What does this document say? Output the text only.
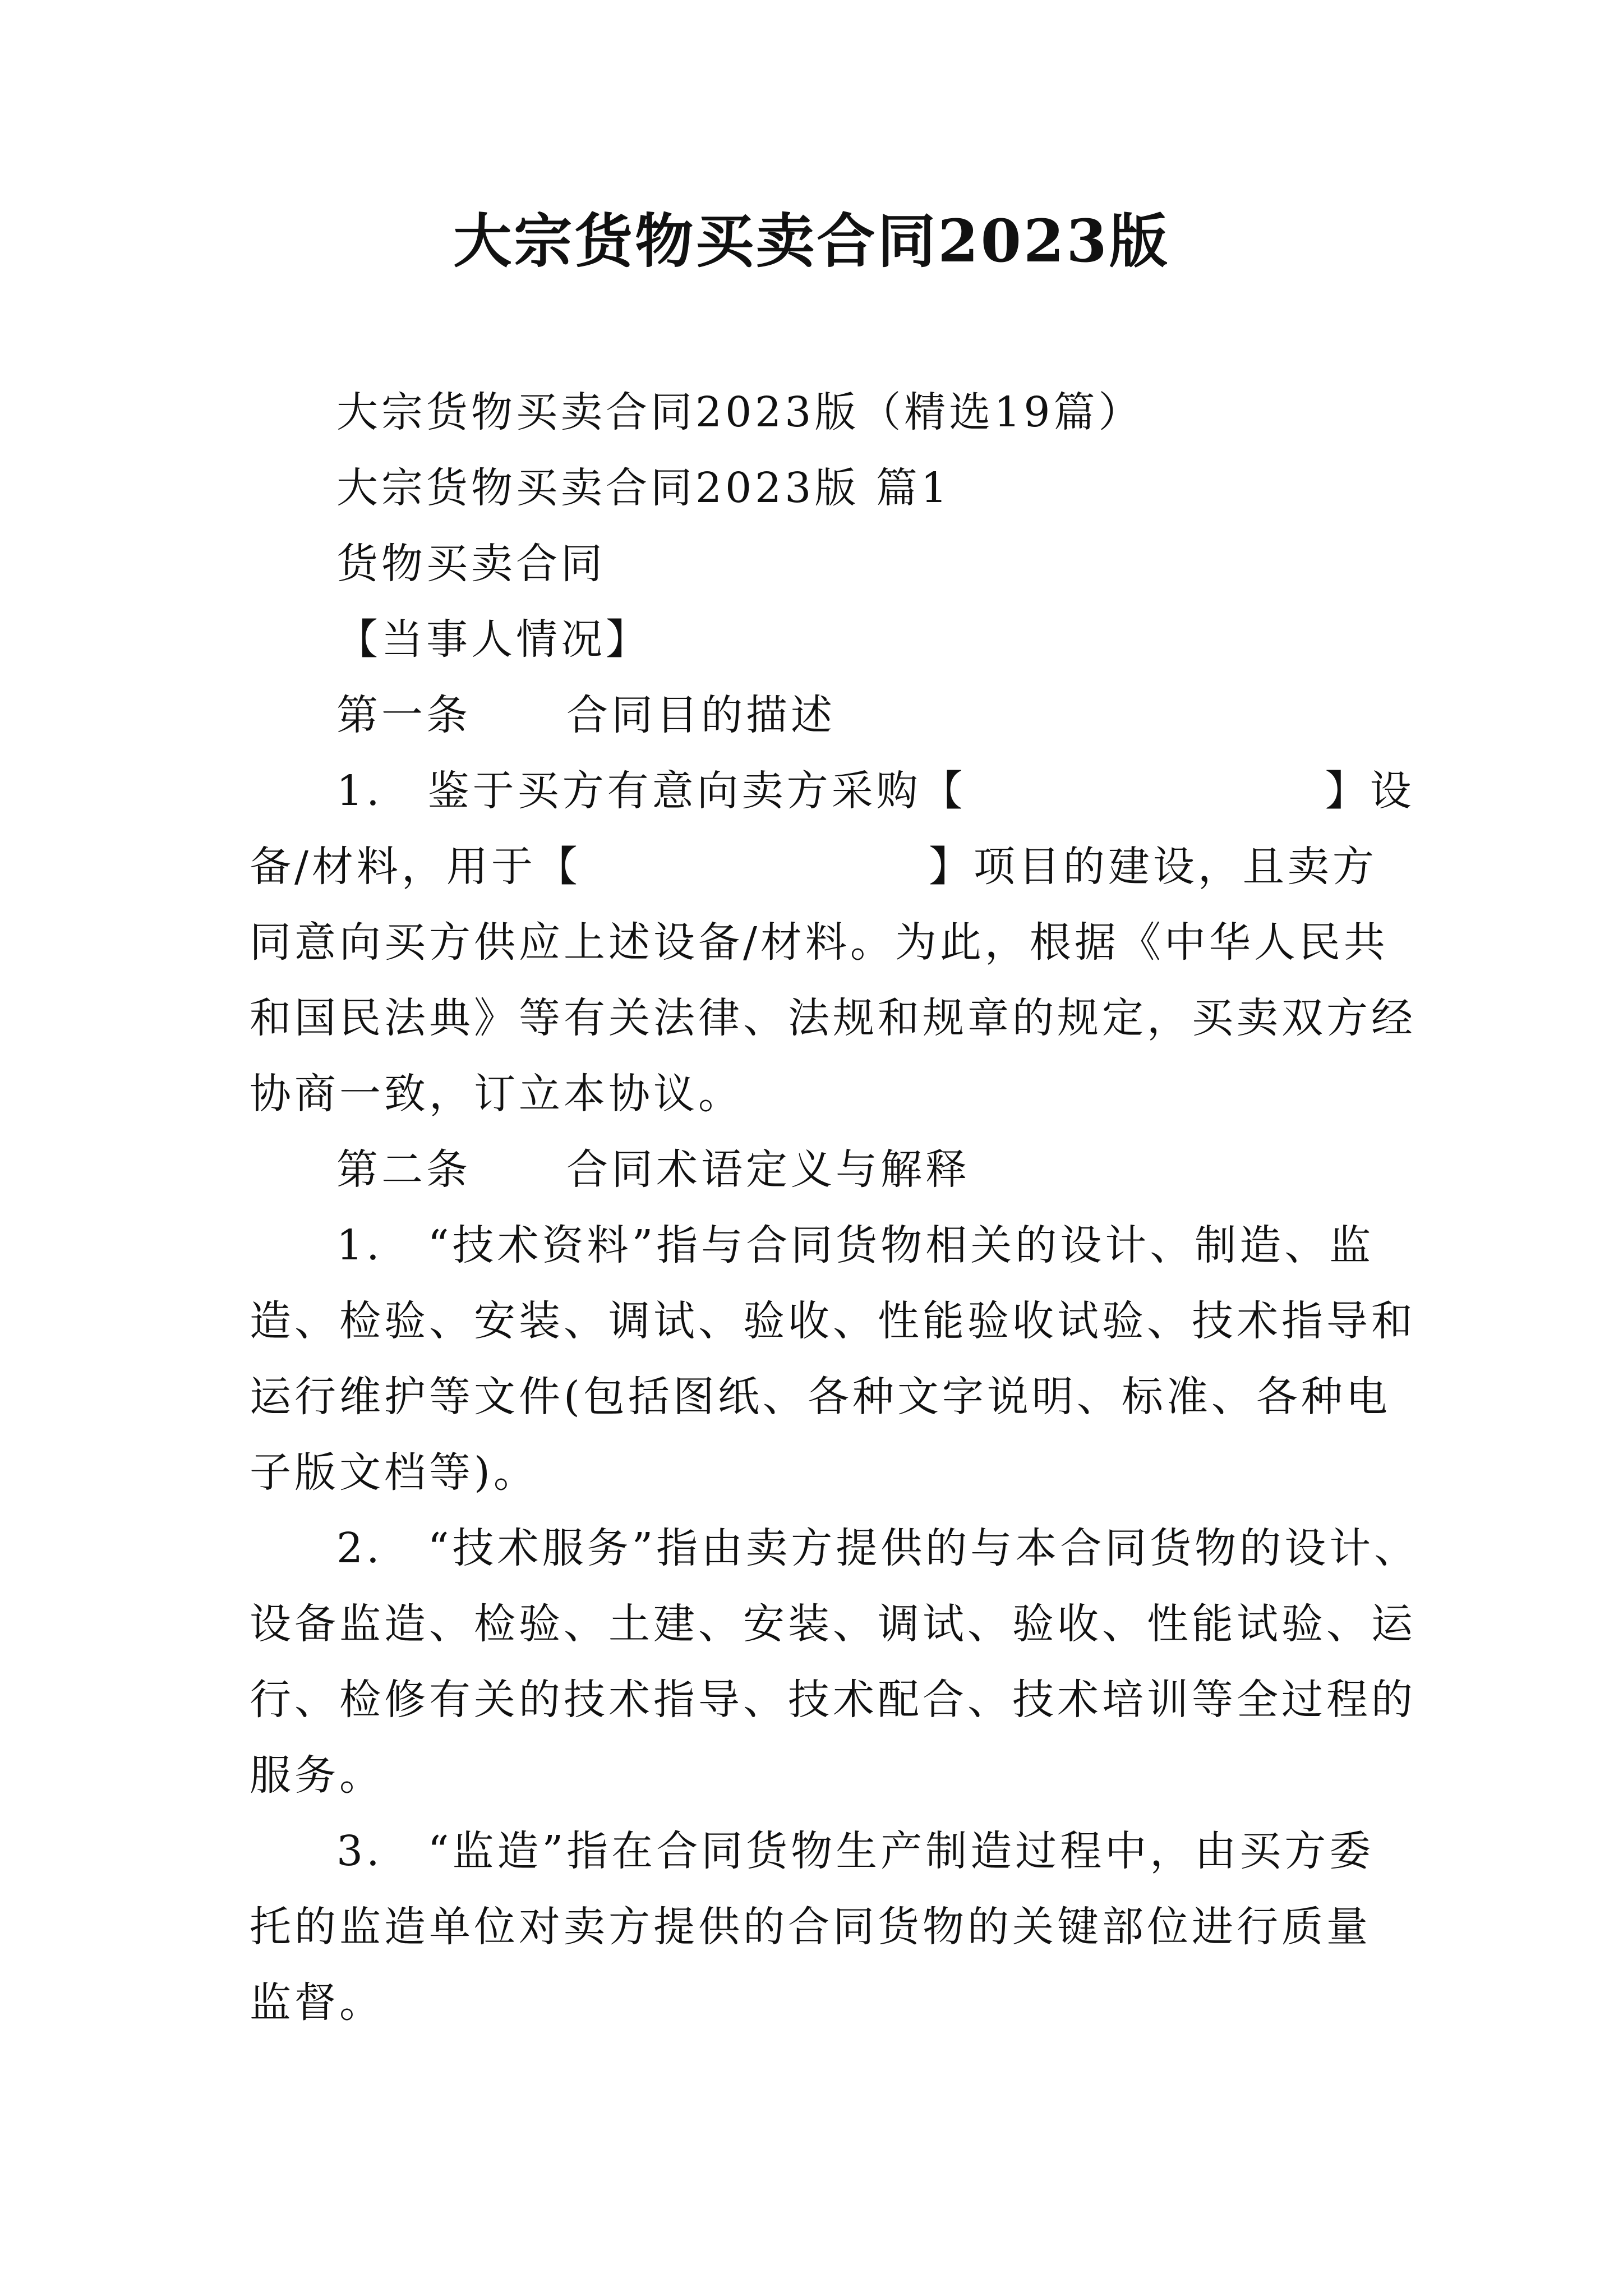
大宗货物买卖合同2023版
大宗货物买卖合同2023版（精选19篇）
大宗货物买卖合同2023版 篇1
货物买卖合同
【当事人情况】
第一条 合同目的描述
1. 鉴于买方有意向卖方采购【	】设
备/材料，用于【	】项目的建设，且卖方
同意向买方供应上述设备/材料。为此，根据《中华人民共
和国民法典》等有关法律、法规和规章的规定，买卖双方经
协商一致，订立本协议。
第二条 合同术语定义与解释
1. “技术资料”指与合同货物相关的设计、制造、监
造、检验、安装、调试、验收、性能验收试验、技术指导和
运行维护等文件(包括图纸、各种文字说明、标准、各种电
子版文档等)。
2. “技术服务”指由卖方提供的与本合同货物的设计、
设备监造、检验、土建、安装、调试、验收、性能试验、运
行、检修有关的技术指导、技术配合、技术培训等全过程的
服务。
3. “监造”指在合同货物生产制造过程中，由买方委
托的监造单位对卖方提供的合同货物的关键部位进行质量
监督。
